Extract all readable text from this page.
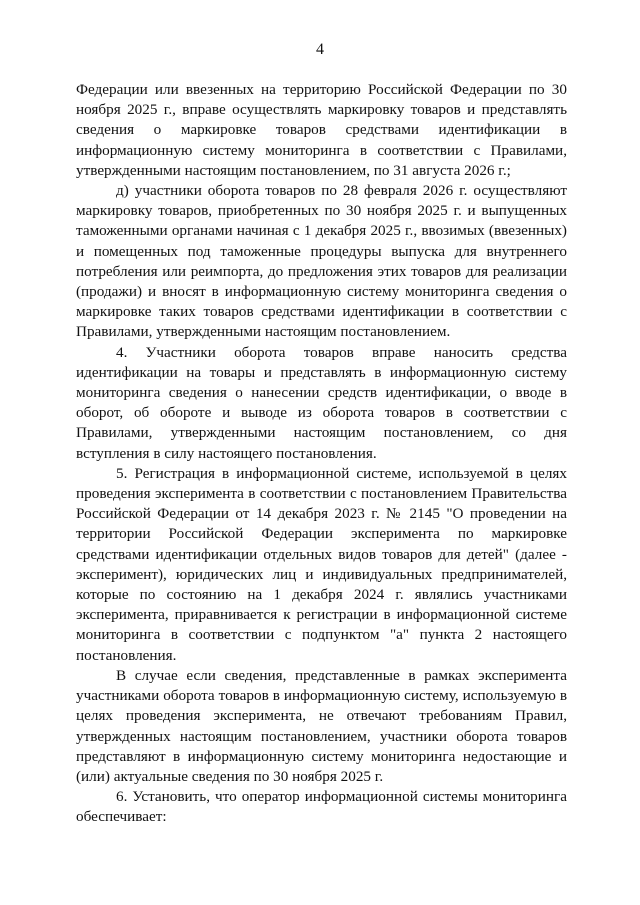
4

Федерации или ввезенных на территорию Российской Федерации по 30 ноября 2025 г., вправе осуществлять маркировку товаров и представлять сведения о маркировке товаров средствами идентификации в информационную систему мониторинга в соответствии с Правилами, утвержденными настоящим постановлением, по 31 августа 2026 г.;

д) участники оборота товаров по 28 февраля 2026 г. осуществляют маркировку товаров, приобретенных по 30 ноября 2025 г. и выпущенных таможенными органами начиная с 1 декабря 2025 г., ввозимых (ввезенных) и помещенных под таможенные процедуры выпуска для внутреннего потребления или реимпорта, до предложения этих товаров для реализации (продажи) и вносят в информационную систему мониторинга сведения о маркировке таких товаров средствами идентификации в соответствии с Правилами, утвержденными настоящим постановлением.

4. Участники оборота товаров вправе наносить средства идентификации на товары и представлять в информационную систему мониторинга сведения о нанесении средств идентификации, о вводе в оборот, об обороте и выводе из оборота товаров в соответствии с Правилами, утвержденными настоящим постановлением, со дня вступления в силу настоящего постановления.

5. Регистрация в информационной системе, используемой в целях проведения эксперимента в соответствии с постановлением Правительства Российской Федерации от 14 декабря 2023 г. № 2145 "О проведении на территории Российской Федерации эксперимента по маркировке средствами идентификации отдельных видов товаров для детей" (далее - эксперимент), юридических лиц и индивидуальных предпринимателей, которые по состоянию на 1 декабря 2024 г. являлись участниками эксперимента, приравнивается к регистрации в информационной системе мониторинга в соответствии с подпунктом "а" пункта 2 настоящего постановления.

В случае если сведения, представленные в рамках эксперимента участниками оборота товаров в информационную систему, используемую в целях проведения эксперимента, не отвечают требованиям Правил, утвержденных настоящим постановлением, участники оборота товаров представляют в информационную систему мониторинга недостающие и (или) актуальные сведения по 30 ноября 2025 г.

6. Установить, что оператор информационной системы мониторинга обеспечивает:
